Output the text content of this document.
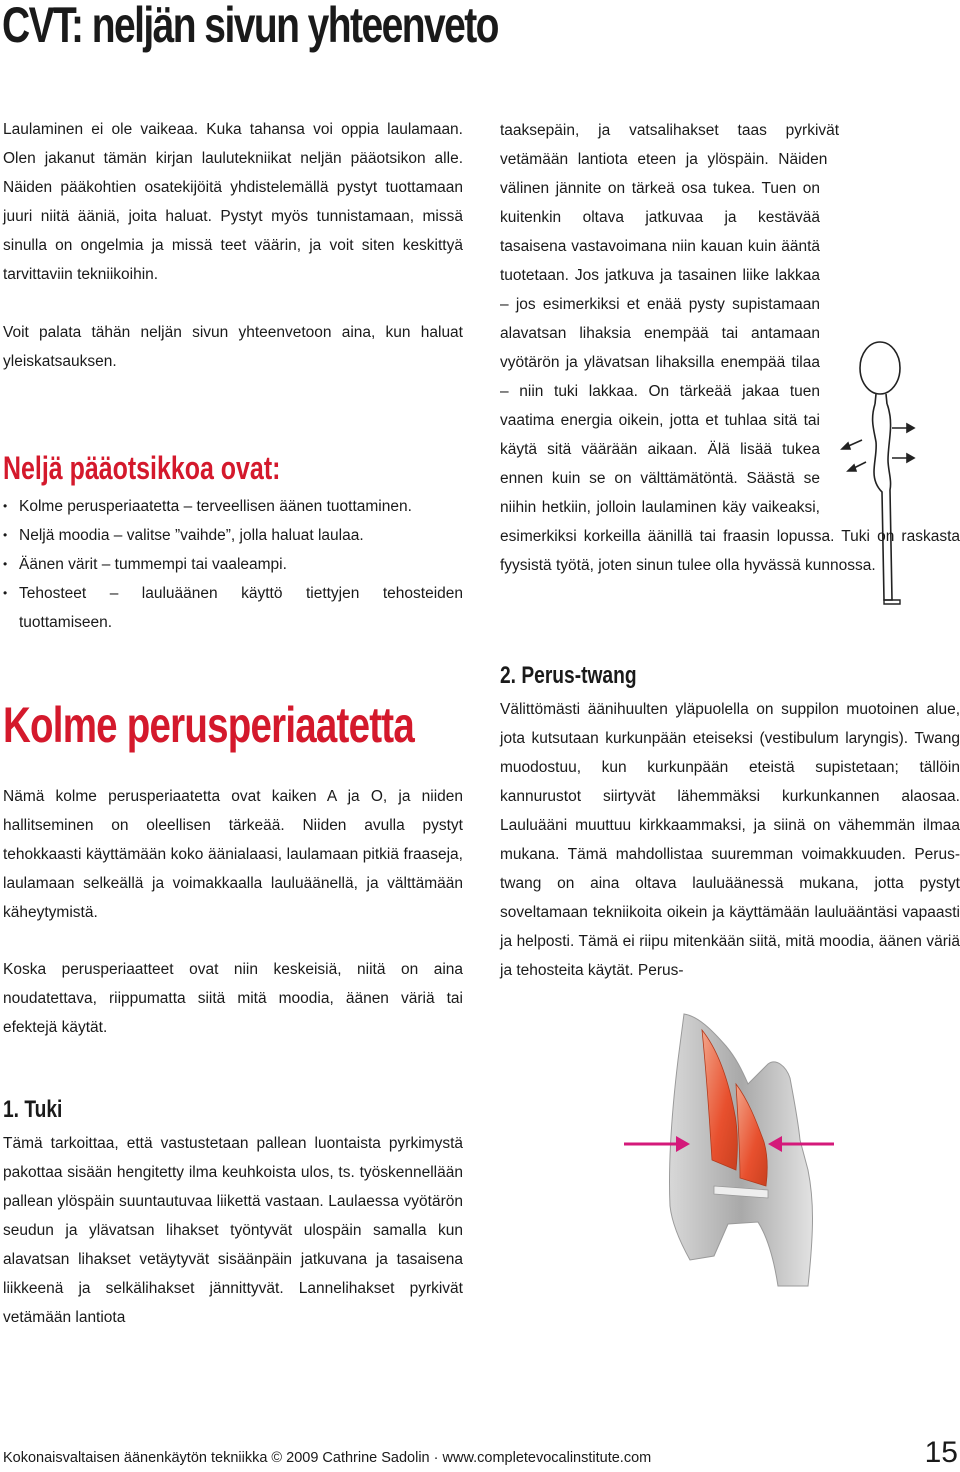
CVT: neljän sivun yhteenveto

Laulaminen ei ole vaikeaa. Kuka tahansa voi oppia laulamaan. Olen jakanut tämän kirjan laulutekniikat neljän pääotsikon alle. Näiden pääkohtien osatekijöitä yhdistelemällä pystyt tuottamaan juuri niitä ääniä, joita haluat. Pystyt myös tunnistamaan, missä sinulla on ongelmia ja missä teet väärin, ja voit siten keskittyä tarvittaviin tekniikoihin.

Voit palata tähän neljän sivun yhteenvetoon aina, kun haluat yleiskatsauksen.

Neljä pääotsikkoa ovat:
• Kolme perusperiaatetta – terveellisen äänen tuottaminen.
• Neljä moodia – valitse ”vaihde”, jolla haluat laulaa.
• Äänen värit – tummempi tai vaaleampi.
• Tehosteet – lauluäänen käyttö tiettyjen tehosteiden tuottamiseen.
Kolme perusperiaatetta

Nämä kolme perusperiaatetta ovat kaiken A ja O, ja niiden hallitseminen on oleellisen tärkeää. Niiden avulla pystyt tehokkaasti käyttämään koko äänialaasi, laulamaan pitkiä fraaseja, laulamaan selkeällä ja voimakkaalla lauluäänellä, ja välttämään käheytymistä.

Koska perusperiaatteet ovat niin keskeisiä, niitä on aina noudatettava, riippumatta siitä mitä moodia, äänen väriä tai efektejä käytät.

1. Tuki

Tämä tarkoittaa, että vastustetaan pallean luontaista pyrkimystä pakottaa sisään hengitetty ilma keuhkoista ulos, ts. työskennellään pallean ylöspäin suuntautuvaa liikettä vastaan. Laulaessa vyötärön seudun ja ylävatsan lihakset työntyvät ulospäin samalla kun alavatsan lihakset vetäytyvät sisäänpäin jatkuvana ja tasaisena liikkeenä ja selkälihakset jännittyvät. Lannelihakset pyrkivät vetämään lantiota

taaksepäin, ja vatsalihakset taas pyrkivät vetämään lantiota eteen ja ylöspäin. Näiden välinen jännite on tärkeä osa tukea. Tuen on kuitenkin oltava jatkuvaa ja kestävää tasaisena vastavoimana niin kauan kuin ääntä tuotetaan. Jos jatkuva ja tasainen liike lakkaa – jos esimerkiksi et enää pysty supistamaan alavatsan lihaksia enempää tai antamaan vyötärön ja ylävatsan lihaksilla enempää tilaa – niin tuki lakkaa. On tärkeää jakaa tuen vaatima energia oikein, jotta et tuhlaa sitä tai käytä sitä väärään aikaan. Älä lisää tukea ennen kuin se on välttämätöntä. Säästä se niihin hetkiin, jolloin laulaminen käy vaikeaksi, esimerkiksi korkeilla äänillä tai fraasin lopussa. Tuki on raskasta fyysistä työtä, joten sinun tulee olla hyvässä kunnossa.

2. Perus-twang

Välittömästi äänihuulten yläpuolella on suppilon muotoinen alue, jota kutsutaan kurkunpään eteiseksi (vestibulum laryngis). Twang muodostuu, kun kurkunpään eteistä supistetaan; tällöin kannurustot siirtyvät lähemmäksi kurkunkannen alaosaa. Lauluääni muuttuu kirkkaammaksi, ja siinä on vähemmän ilmaa mukana. Tämä mahdollistaa suuremman voimakkuuden. Perus-twang on aina oltava lauluäänessä mukana, jotta pystyt soveltamaan tekniikoita oikein ja käyttämään lauluääntäsi vapaasti ja helposti. Tämä ei riipu mitenkään siitä, mitä moodia, äänen väriä ja tehosteita käytät. Perus-

Kokonaisvaltaisen äänenkäytön tekniikka © 2009 Cathrine Sadolin · www.completevocalinstitute.com	15
